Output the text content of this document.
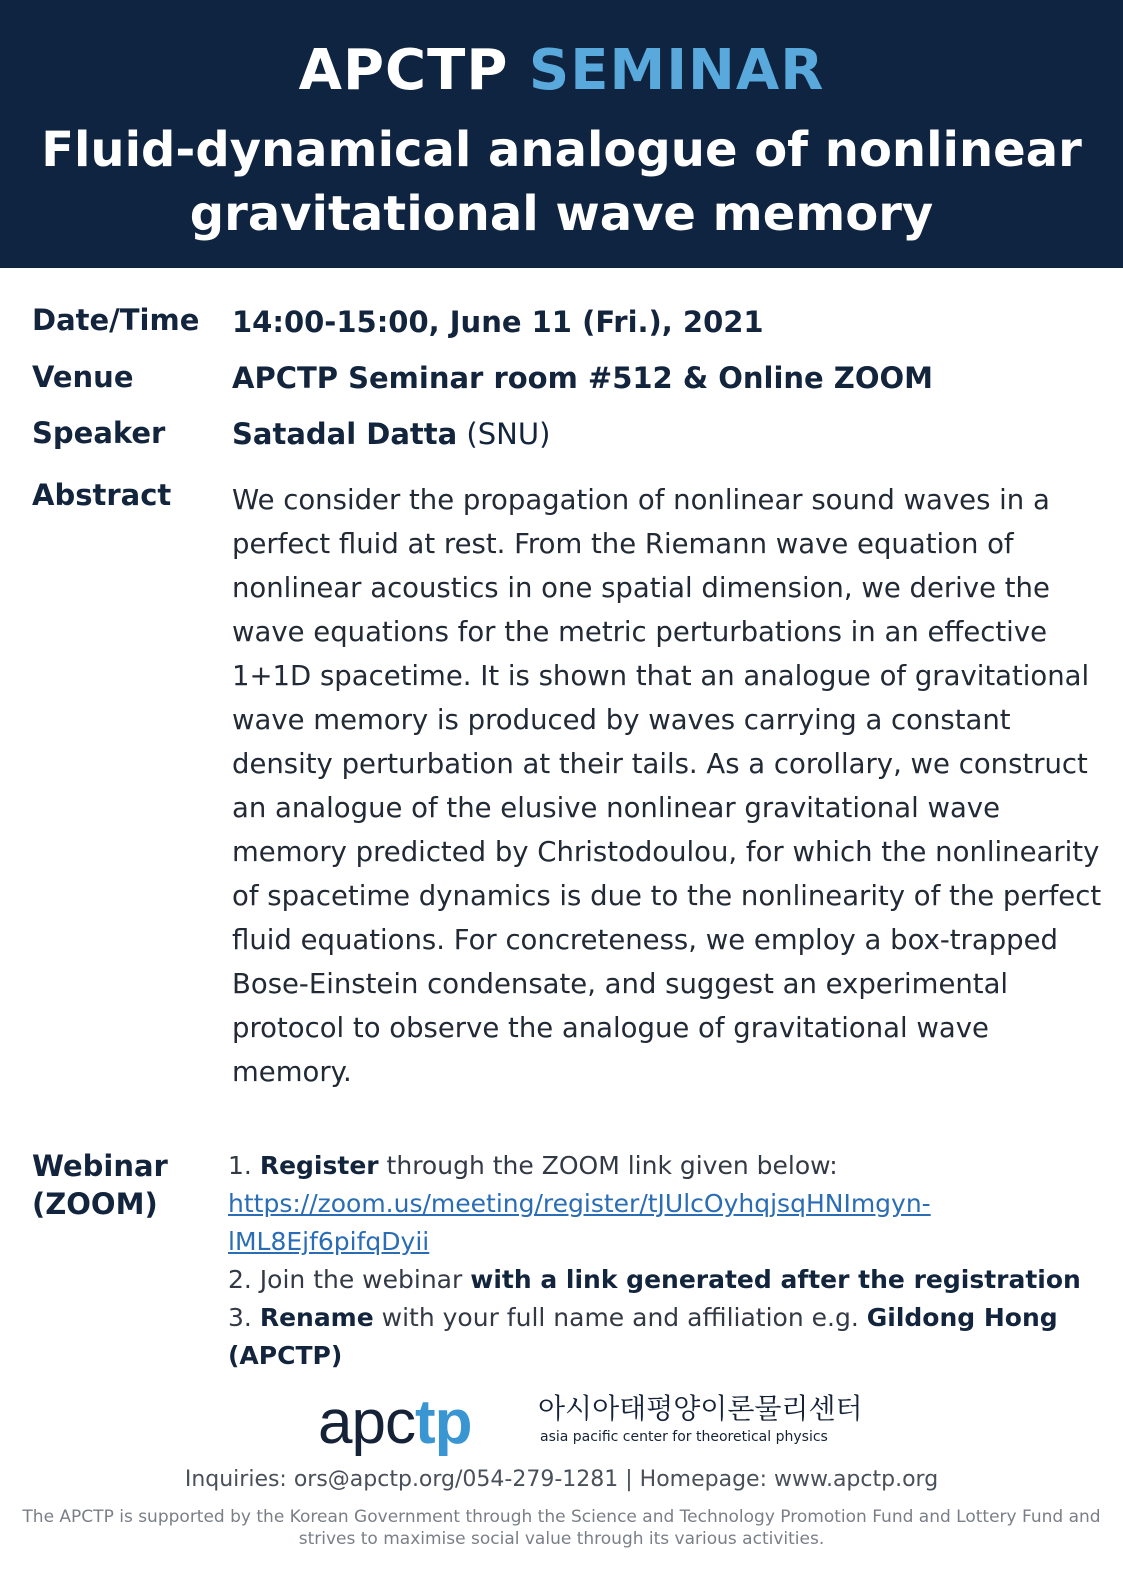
APCTP SEMINAR
Fluid-dynamical analogue of nonlinear gravitational wave memory
Date/Time 14:00-15:00, June 11 (Fri.), 2021
Venue	APCTP Seminar room #512 & Online ZOOM
Speaker Satadal Datta (SNU)
Abstract We consider the propagation of nonlinear sound waves in a perfect fluid at rest. From the Riemann wave equation of nonlinear acoustics in one spatial dimension, we derive the wave equations for the metric perturbations in an effective 1+1D spacetime. It is shown that an analogue of gravitational wave memory is produced by waves carrying a constant density perturbation at their tails. As a corollary, we construct an analogue of the elusive nonlinear gravitational wave memory predicted by Christodoulou, for which the nonlinearity of spacetime dynamics is due to the nonlinearity of the perfect fluid equations. For concreteness, we employ a box-trapped Bose-Einstein condensate, and suggest an experimental protocol to observe the analogue of gravitational wave memory.

Webinar
(ZOOM)
1. Register through the ZOOM link given below:
https://zoom.us/meeting/register/tJUlcOyhqjsqHNImgyn-
lML8Ejf6pifqDyii
2. Join the webinar with a link generated after the registration
3. Rename with your full name and affiliation e.g. Gildong Hong
(APCTP)
apctp 아시아태평양이론물리센터
asia pacific center for theoretical physics
Inquiries: ors@apctp.org/054-279-1281 | Homepage: www.apctp.org
The APCTP is supported by the Korean Government through the Science and Technology Promotion Fund and Lottery Fund and strives to maximise social value through its various activities.
